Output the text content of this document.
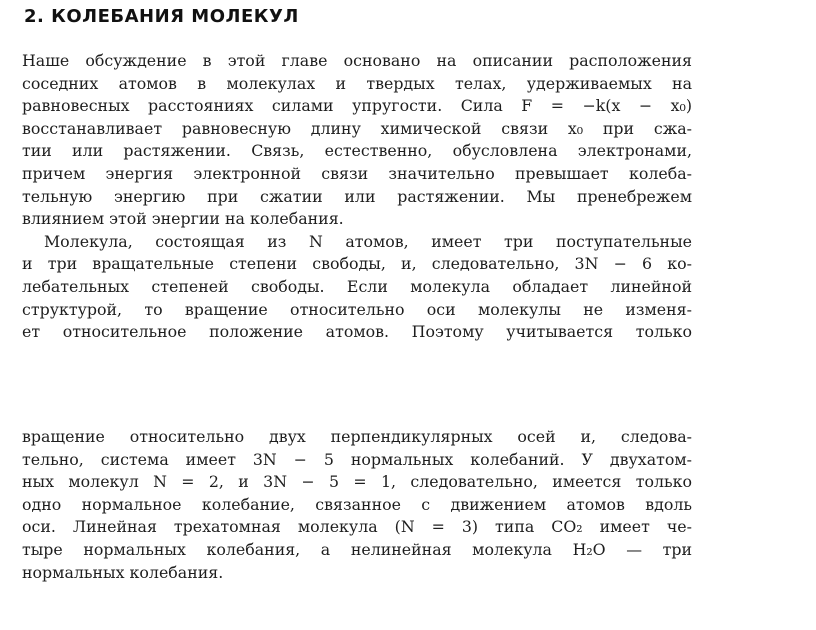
2. КОЛЕБАНИЯ МОЛЕКУЛ
Наше обсуждение в этой главе основано на описании расположения
соседних атомов в молекулах и твердых телах, удерживаемых на
равновесных расстояниях силами упругости. Сила F = −k(x − x₀)
восстанавливает равновесную длину химической связи x₀ при сжа-
тии или растяжении. Связь, естественно, обусловлена электронами,
причем энергия электронной связи значительно превышает колеба-
тельную энергию при сжатии или растяжении. Мы пренебрежем
влиянием этой энергии на колебания.
Молекула, состоящая из N атомов, имеет три поступательные
и три вращательные степени свободы, и, следовательно, 3N − 6 ко-
лебательных степеней свободы. Если молекула обладает линейной
структурой, то вращение относительно оси молекулы не изменя-
ет относительное положение атомов. Поэтому учитывается только
вращение относительно двух перпендикулярных осей и, следова-
тельно, система имеет 3N − 5 нормальных колебаний. У двухатом-
ных молекул N = 2, и 3N − 5 = 1, следовательно, имеется только
одно нормальное колебание, связанное с движением атомов вдоль
оси. Линейная трехатомная молекула (N = 3) типа CO₂ имеет че-
тыре нормальных колебания, а нелинейная молекула H₂O — три
нормальных колебания.
